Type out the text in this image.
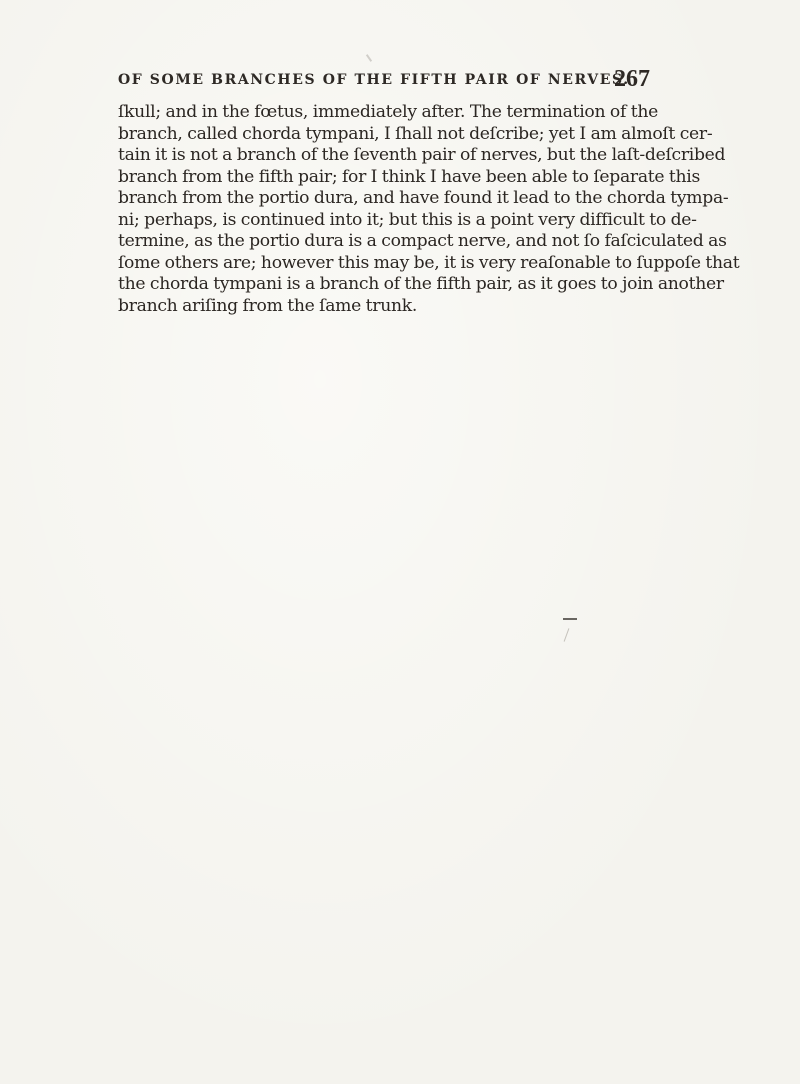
OF SOME BRANCHES OF THE FIFTH PAIR OF NERVES.
267
ſkull; and in the fœtus, immediately after. The termination of the
branch, called chorda tympani, I ſhall not deſcribe; yet I am almoſt cer-
tain it is not a branch of the ſeventh pair of nerves, but the laſt-deſcribed
branch from the fifth pair; for I think I have been able to ſeparate this
branch from the portio dura, and have found it lead to the chorda tympa-
ni; perhaps, is continued into it; but this is a point very difficult to de-
termine, as the portio dura is a compact nerve, and not ſo faſciculated as
ſome others are; however this may be, it is very reaſonable to ſuppoſe that
the chorda tympani is a branch of the fifth pair, as it goes to join another
branch ariſing from the ſame trunk.
